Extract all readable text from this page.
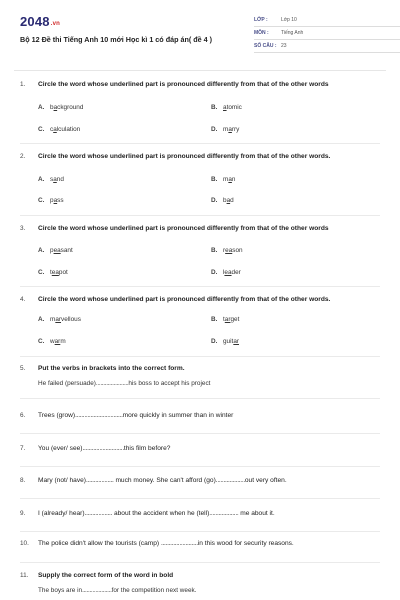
2048.vn
Bộ 12 Đề thi Tiếng Anh 10 mới Học kì 1 có đáp án( đề 4 )
LỚP :	Lớp 10
MÔN :	Tiếng Anh
SỐ CÂU : 23
1.	Circle the word whose underlined part is pronounced differently from that of the other words
A. background	B. atomic
C. calculation	D. marry
2.	Circle the word whose underlined part is pronounced differently from that of the other words.
A. sand	B. man
C. pass	D. bad
3.	Circle the word whose underlined part is pronounced differently from that of the other words
A. peasant	B. reason
C. teapot	D. leader
4.	Circle the word whose underlined part is pronounced differently from that of the other words.
A. marvellous	B. target
C. warm	D. guitar
5.	Put the verbs in brackets into the correct form.
He failed (persuade)......................his boss to accept his project
6.	Trees (grow)...............................more quickly in summer than in winter
7.	You (ever/ see)...........................this film before?
8.	Mary (not/ have).................. much money. She can't afford (go)...................out very often.
9.	I (already/ hear).................. about the accident when he (tell)................... me about it.
10.	The police didn't allow the tourists (camp) ........................in this wood for security reasons.
11.	Supply the correct form of the word in bold
The boys are in....................for the competition next week.
